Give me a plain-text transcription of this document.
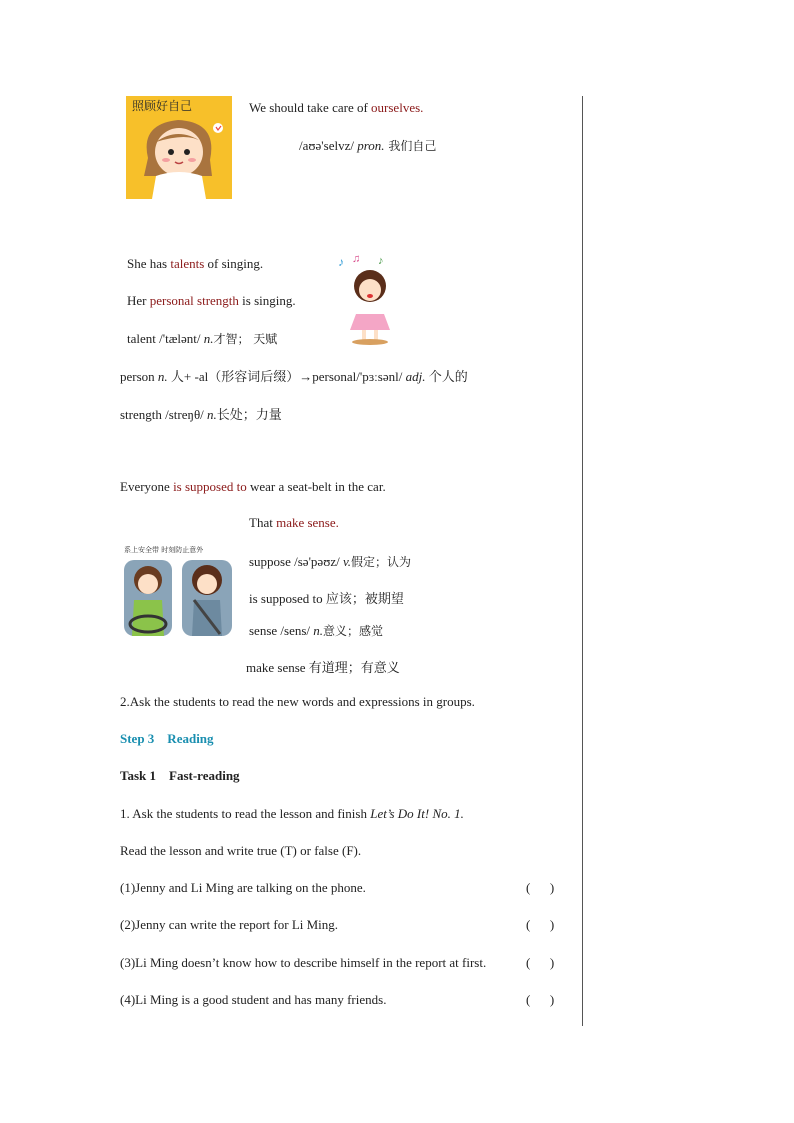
照顾好自己	We should take care of ourselves.
/aʊə'selvz/ pron. 我们自己
She has talents of singing.
Her personal strength is singing.
talent /'tælənt/ n.才智； 天赋
person n. 人+ -al（形容词后缀）→personal/'pɜːsənl/ adj. 个人的
strength /streŋθ/ n.长处；力量
♪ ♫ ♪
Everyone is supposed to wear a seat-belt in the car.
That make sense.
系上安全带 时刻防止意外
suppose /sə'pəʊz/ v.假定；认为
is supposed to 应该；被期望
sense /sens/ n.意义；感觉
make sense 有道理；有意义
2.Ask the students to read the new words and expressions in groups.
Step 3    Reading
Task 1    Fast-reading
1. Ask the students to read the lesson and finish Let’s Do It! No. 1.
Read the lesson and write true (T) or false (F).
(1)Jenny and Li Ming are talking on the phone.	(      )
(2)Jenny can write the report for Li Ming.	(      )
(3)Li Ming doesn’t know how to describe himself in the report at first.	(      )
(4)Li Ming is a good student and has many friends.	(      )
